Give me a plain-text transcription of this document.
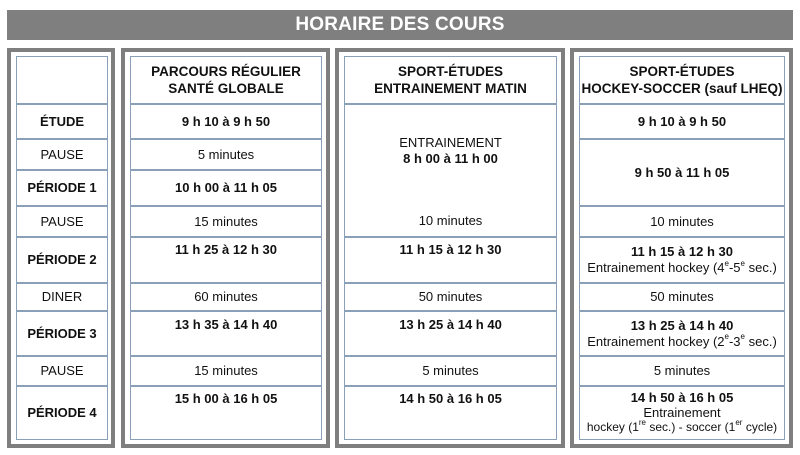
HORAIRE DES COURS
ÉTUDE
PAUSE
PÉRIODE 1
PAUSE
PÉRIODE 2
DINER
PÉRIODE 3
PAUSE
PÉRIODE 4
PARCOURS RÉGULIER
SANTÉ GLOBALE
9 h 10 à 9 h 50
5 minutes
10 h 00 à 11 h 05
15 minutes
11 h 25 à 12 h 30
60 minutes
13 h 35 à 14 h 40
15 minutes
15 h 00 à 16 h 05
SPORT-ÉTUDES
ENTRAINEMENT MATIN
ENTRAINEMENT
8 h 00 à 11 h 00
10 minutes
11 h 15 à 12 h 30
50 minutes
13 h 25 à 14 h 40
5 minutes
14 h 50 à 16 h 05
SPORT-ÉTUDES
HOCKEY-SOCCER (sauf LHEQ)
9 h 10 à 9 h 50
9 h 50 à 11 h 05
10 minutes
11 h 15 à 12 h 30
Entrainement hockey (4e-5e sec.)
50 minutes
13 h 25 à 14 h 40
Entrainement hockey (2e-3e sec.)
5 minutes
14 h 50 à 16 h 05
Entrainement
hockey (1re sec.) - soccer (1er cycle)
